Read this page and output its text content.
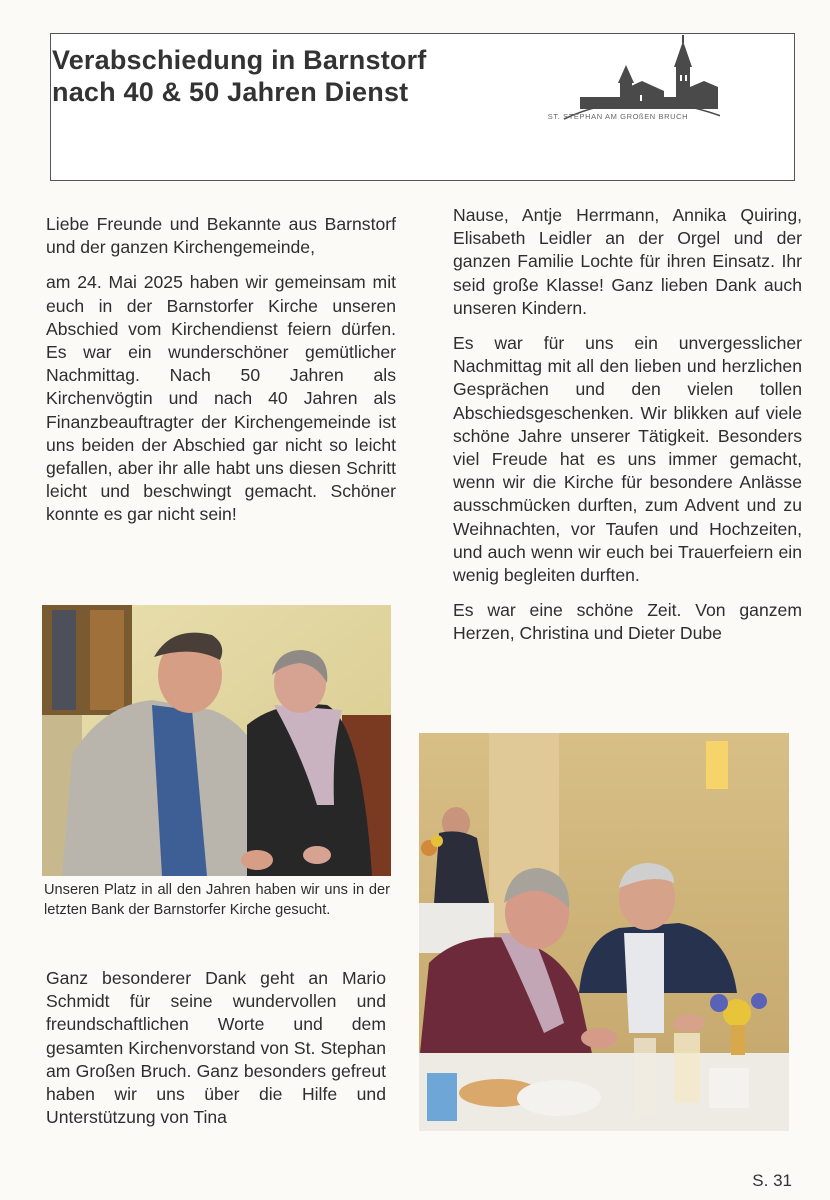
Verabschiedung in Barnstorf
nach 40 & 50 Jahren Dienst
ST. STEPHAN AM GROßEN BRUCH

Liebe Freunde und Bekannte aus Barnstorf und der ganzen Kirchengemeinde,

am 24. Mai 2025 haben wir gemeinsam mit euch in der Barnstorfer Kirche unseren Abschied vom Kirchendienst feiern dürfen. Es war ein wunderschöner gemütlicher Nachmittag. Nach 50 Jahren als Kirchenvögtin und nach 40 Jahren als Finanzbeauftragter der Kirchengemeinde ist uns beiden der Abschied gar nicht so leicht gefallen, aber ihr alle habt uns diesen Schritt leicht und beschwingt gemacht. Schöner konnte es gar nicht sein!

Unseren Platz in all den Jahren haben wir uns in der letzten Bank der Barnstorfer Kirche gesucht.

Ganz besonderer Dank geht an Mario Schmidt für seine wundervollen und freundschaftlichen Worte und dem gesamten Kirchenvorstand von St. Stephan am Großen Bruch. Ganz besonders gefreut haben wir uns über die Hilfe und Unterstützung von Tina

Nause, Antje Herrmann, Annika Quiring, Elisabeth Leidler an der Orgel und der ganzen Familie Lochte für ihren Einsatz. Ihr seid große Klasse! Ganz lieben Dank auch unseren Kindern.

Es war für uns ein unvergesslicher Nachmittag mit all den lieben und herzlichen Gesprächen und den vielen tollen Abschiedsgeschenken. Wir blikken auf viele schöne Jahre unserer Tätigkeit. Besonders viel Freude hat es uns immer gemacht, wenn wir die Kirche für besondere Anlässe ausschmücken durften, zum Advent und zu Weihnachten, vor Taufen und Hochzeiten, und auch wenn wir euch bei Trauerfeiern ein wenig begleiten durften.

Es war eine schöne Zeit. Von ganzem Herzen, Christina und Dieter Dube

S. 31
